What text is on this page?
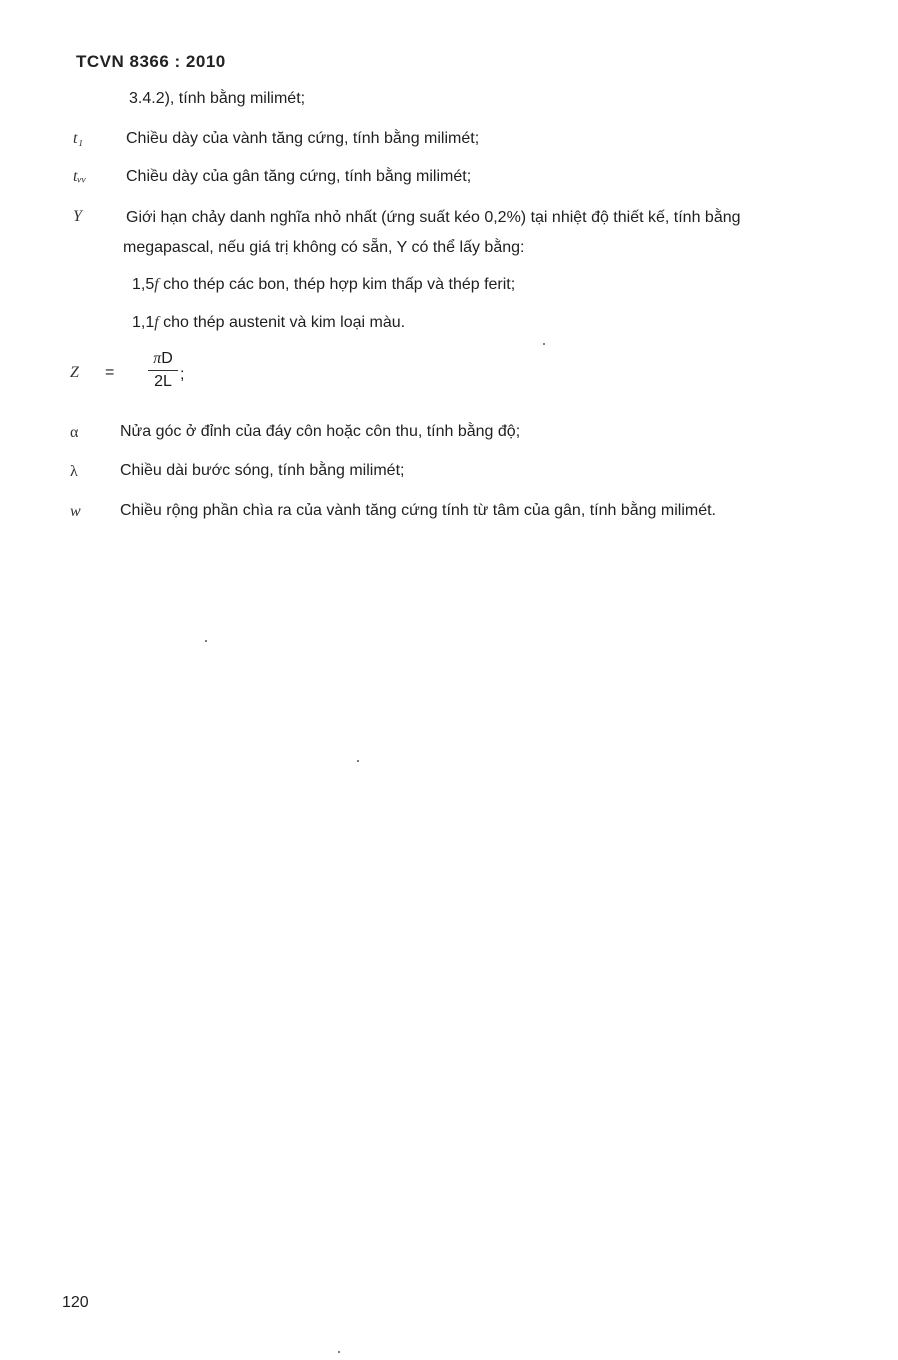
TCVN 8366 : 2010
3.4.2), tính bằng milimét;
t₁	Chiều dày của vành tăng cứng, tính bằng milimét;
tᵥᵥ Chiều dày của gân tăng cứng, tính bằng milimét;
Y	Giới hạn chảy danh nghĩa nhỏ nhất (ứng suất kéo 0,2%) tại nhiệt độ thiết kế, tính bằng
megapascal, nếu giá trị không có sẵn, Y có thể lấy bằng:
1,5f cho thép các bon, thép hợp kim thấp và thép ferit;
1,1f cho thép austenit và kim loại màu.
$Z = \frac{\pi D}{2L}$ ;
α	Nửa góc ở đỉnh của đáy côn hoặc côn thu, tính bằng độ;
λ	Chiều dài bước sóng, tính bằng milimét;
w Chiều rộng phần chìa ra của vành tăng cứng tính từ tâm của gân, tính bằng milimét.
120
